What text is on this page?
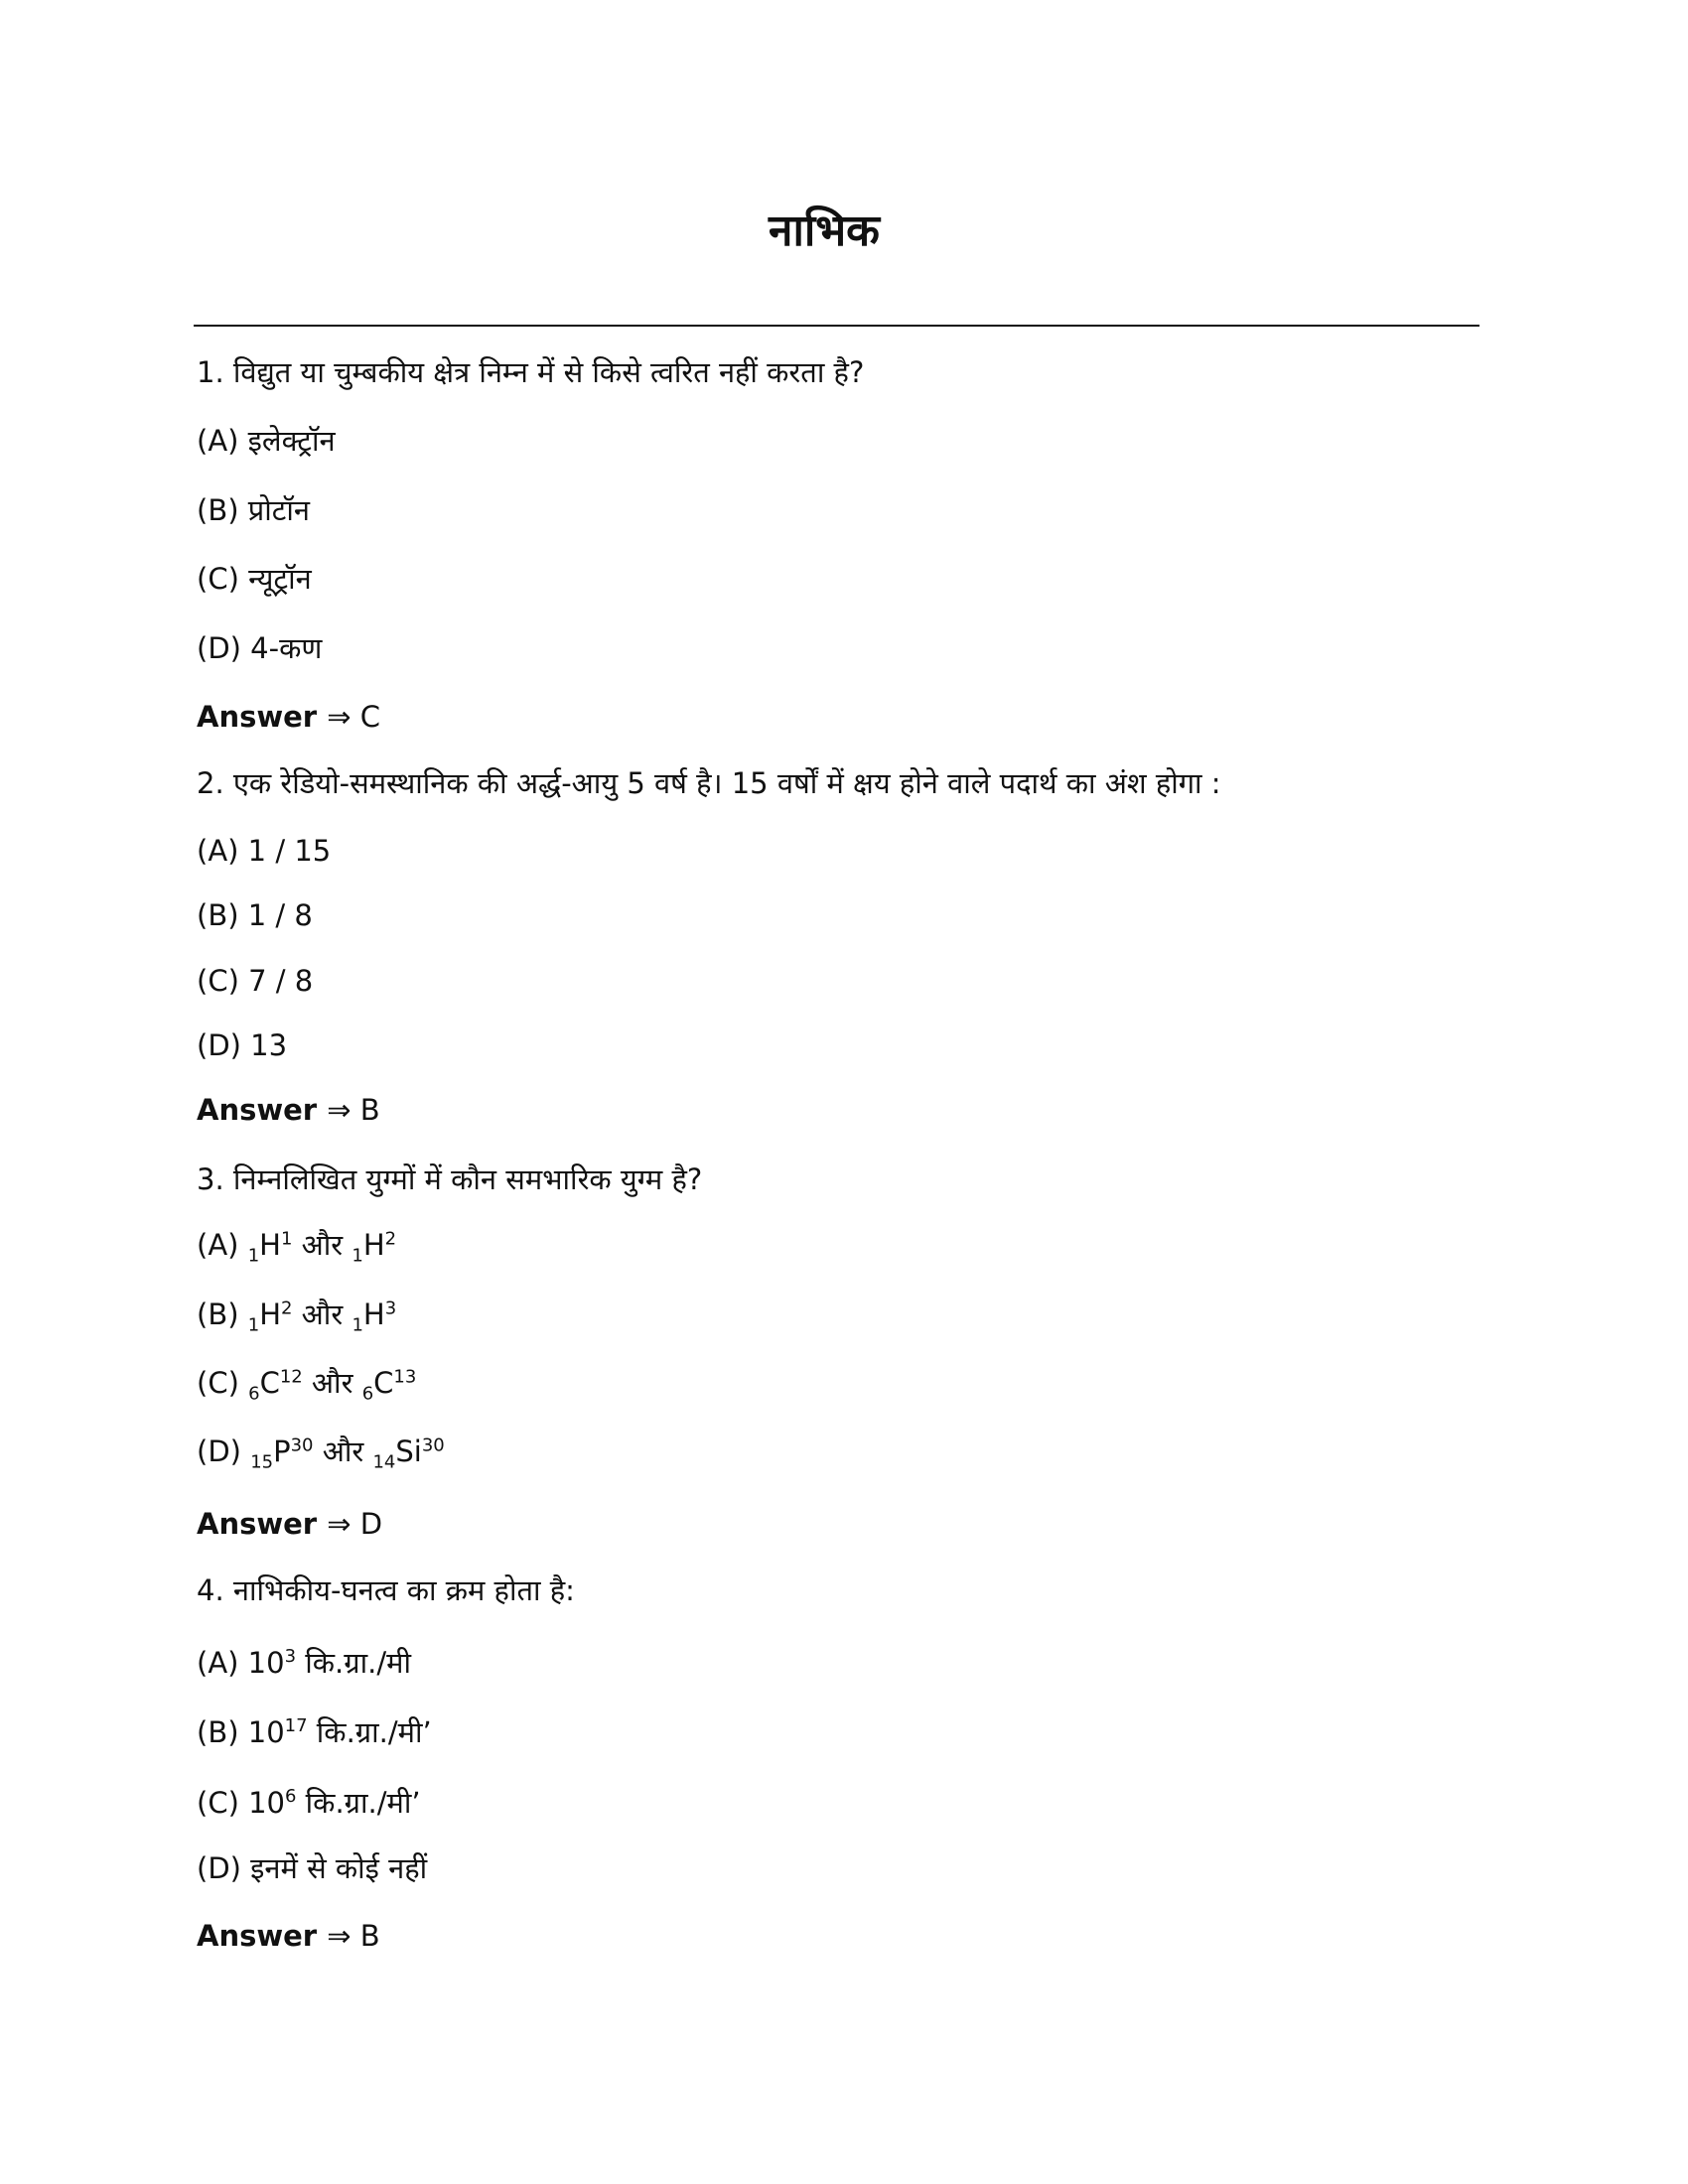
नाभिक
1. विद्युत या चुम्बकीय क्षेत्र निम्न में से किसे त्वरित नहीं करता है?
(A) इलेक्ट्रॉन
(B) प्रोटॉन
(C) न्यूट्रॉन
(D) 4-कण
Answer ⇒ C
2. एक रेडियो-समस्थानिक की अर्द्ध-आयु 5 वर्ष है। 15 वर्षों में क्षय होने वाले पदार्थ का अंश होगा :
(A) 1 / 15
(B) 1 / 8
(C) 7 / 8
(D) 13
Answer ⇒ B
3. निम्नलिखित युग्मों में कौन समभारिक युग्म है?
(A) $_1H^1$ और $_1H^2$
(B) $_1H^2$ और $_1H^3$
(C) $_6C^{12}$ और $_6C^{13}$
(D) $_{15}P^{30}$ और $_{14}Si^{30}$
Answer ⇒ D
4. नाभिकीय-घनत्व का क्रम होता है:
(A) $10^3$ कि.ग्रा./मी
(B) $10^{17}$ कि.ग्रा./मी’
(C) $10^6$ कि.ग्रा./मी’
(D) इनमें से कोई नहीं
Answer ⇒ B
